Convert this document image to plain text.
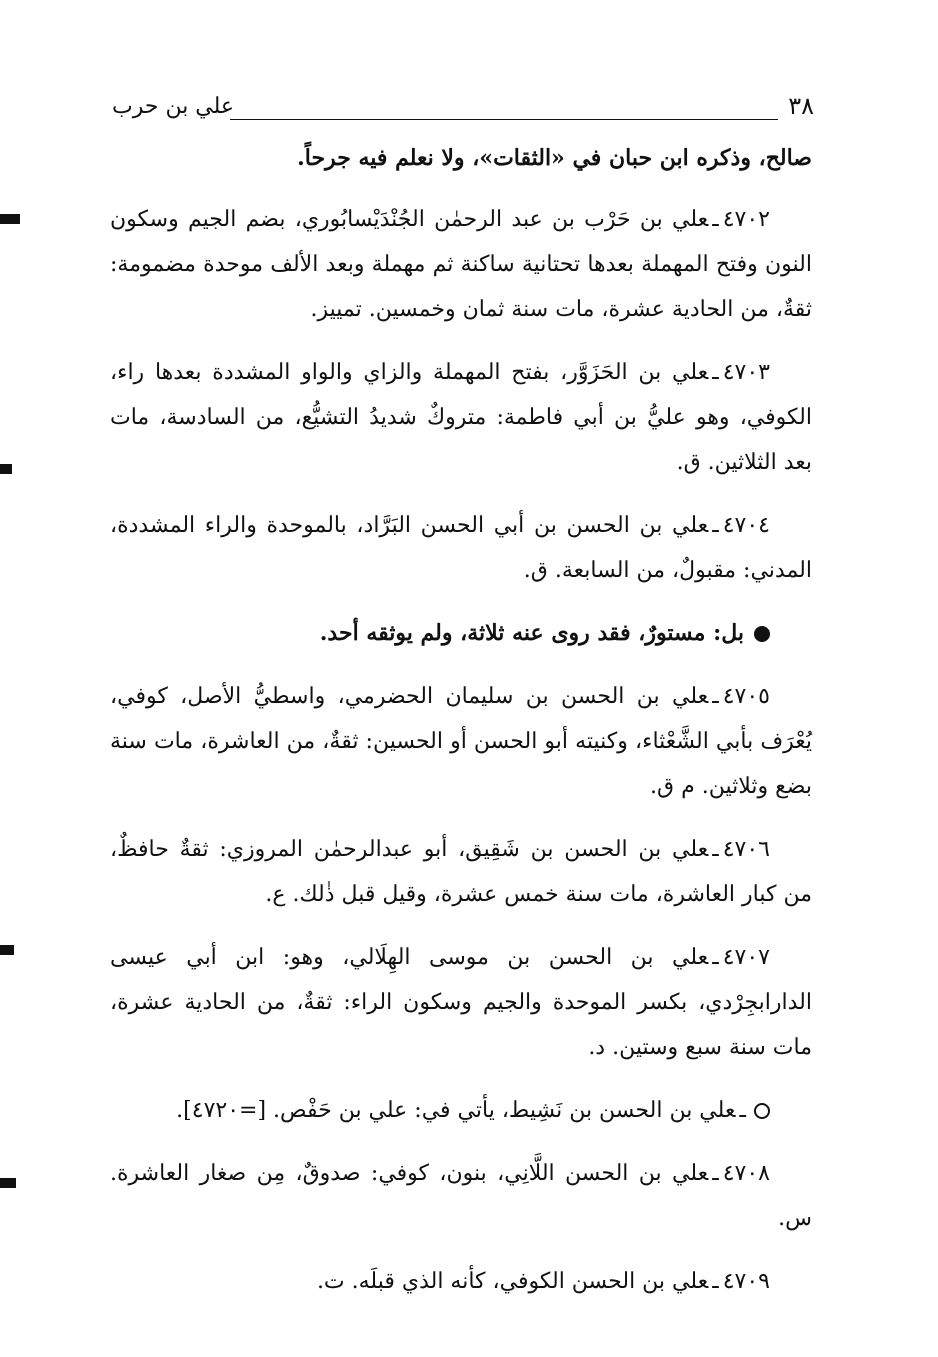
٣٨
علي بن حرب

صالح، وذكره ابن حبان في «الثقات»، ولا نعلم فيه جرحاً.

٤٧٠٢ـعلي بن حَرْب بن عبد الرحمٰن الجُنْدَيْسابُوري، بضم الجيم وسكون النون وفتح المهملة بعدها تحتانية ساكنة ثم مهملة وبعد الألف موحدة مضمومة: ثقةٌ، من الحادية عشرة، مات سنة ثمان وخمسين. تمييز.

٤٧٠٣ـعلي بن الحَزَوَّر، بفتح المهملة والزاي والواو المشددة بعدها راء، الكوفي، وهو عليُّ بن أبي فاطمة: متروكٌ شديدُ التشيُّع، من السادسة، مات بعد الثلاثين. ق.

٤٧٠٤ـعلي بن الحسن بن أبي الحسن البَرَّاد، بالموحدة والراء المشددة، المدني: مقبولٌ، من السابعة. ق.

بل: مستورٌ، فقد روى عنه ثلاثة، ولم يوثقه أحد.

٤٧٠٥ـعلي بن الحسن بن سليمان الحضرمي، واسطيُّ الأصل، كوفي، يُعْرَف بأبي الشَّعْثاء، وكنيته أبو الحسن أو الحسين: ثقةٌ، من العاشرة، مات سنة بضع وثلاثين. م ق.

٤٧٠٦ـعلي بن الحسن بن شَقِيق، أبو عبدالرحمٰن المروزي: ثقةٌ حافظٌ، من كبار العاشرة، مات سنة خمس عشرة، وقيل قبل ذٰلك. ع.

٤٧٠٧ـعلي بن الحسن بن موسى الهِلَالي، وهو: ابن أبي عيسى الدارابجِرْدي، بكسر الموحدة والجيم وسكون الراء: ثقةٌ، من الحادية عشرة، مات سنة سبع وستين. د.

ـعلي بن الحسن بن نَشِيط، يأتي في: علي بن حَفْص. [=٤٧٢٠].

٤٧٠٨ـعلي بن الحسن اللَّانِي، بنون، كوفي: صدوقٌ، مِن صغار العاشرة. س.

٤٧٠٩ـعلي بن الحسن الكوفي، كأنه الذي قبلَه. ت.
